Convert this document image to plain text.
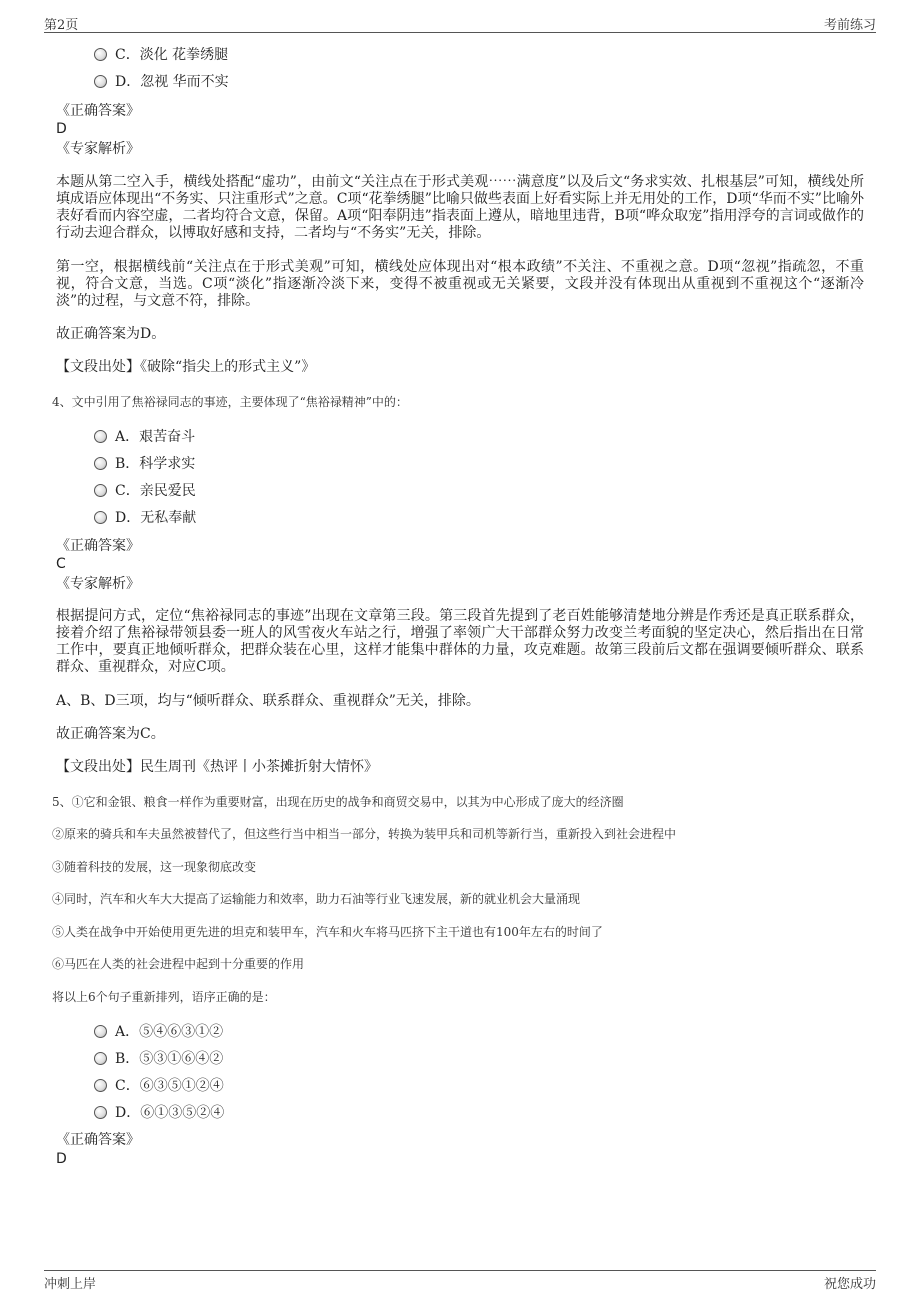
第2页	考前练习
C．淡化 花拳绣腿
D．忽视 华而不实
《正确答案》
D
《专家解析》
本题从第二空入手，横线处搭配“虚功”，由前文“关注点在于形式美观⋯⋯满意度”以及后文“务求实效、扎根基层”可知，横线处所填成语应体现出“不务实、只注重形式”之意。C项“花拳绣腿”比喻只做些表面上好看实际上并无用处的工作，D项“华而不实”比喻外表好看而内容空虚，二者均符合文意，保留。A项“阳奉阴违”指表面上遵从，暗地里违背，B项“哗众取宠”指用浮夸的言词或做作的行动去迎合群众，以博取好感和支持，二者均与“不务实”无关，排除。
第一空，根据横线前“关注点在于形式美观”可知，横线处应体现出对“根本政绩”不关注、不重视之意。D项“忽视”指疏忽，不重视，符合文意，当选。C项“淡化”指逐渐冷淡下来，变得不被重视或无关紧要，文段并没有体现出从重视到不重视这个“逐渐冷淡”的过程，与文意不符，排除。
故正确答案为D。
【文段出处】《破除“指尖上的形式主义”》
4、文中引用了焦裕禄同志的事迹，主要体现了“焦裕禄精神”中的：
A．艰苦奋斗
B．科学求实
C．亲民爱民
D．无私奉献
《正确答案》
C
《专家解析》
根据提问方式，定位“焦裕禄同志的事迹”出现在文章第三段。第三段首先提到了老百姓能够清楚地分辨是作秀还是真正联系群众，接着介绍了焦裕禄带领县委一班人的风雪夜火车站之行，增强了率领广大干部群众努力改变兰考面貌的坚定决心，然后指出在日常工作中，要真正地倾听群众，把群众装在心里，这样才能集中群体的力量，攻克难题。故第三段前后文都在强调要倾听群众、联系群众、重视群众，对应C项。
A、B、D三项，均与“倾听群众、联系群众、重视群众”无关，排除。
故正确答案为C。
【文段出处】民生周刊《热评丨小茶摊折射大情怀》
5、①它和金银、粮食一样作为重要财富，出现在历史的战争和商贸交易中，以其为中心形成了庞大的经济圈
②原来的骑兵和车夫虽然被替代了，但这些行当中相当一部分，转换为装甲兵和司机等新行当，重新投入到社会进程中
③随着科技的发展，这一现象彻底改变
④同时，汽车和火车大大提高了运输能力和效率，助力石油等行业飞速发展，新的就业机会大量涌现
⑤人类在战争中开始使用更先进的坦克和装甲车，汽车和火车将马匹挤下主干道也有100年左右的时间了
⑥马匹在人类的社会进程中起到十分重要的作用
将以上6个句子重新排列，语序正确的是：
A．⑤④⑥③①②
B．⑤③①⑥④②
C．⑥③⑤①②④
D．⑥①③⑤②④
《正确答案》
D
冲刺上岸	祝您成功
